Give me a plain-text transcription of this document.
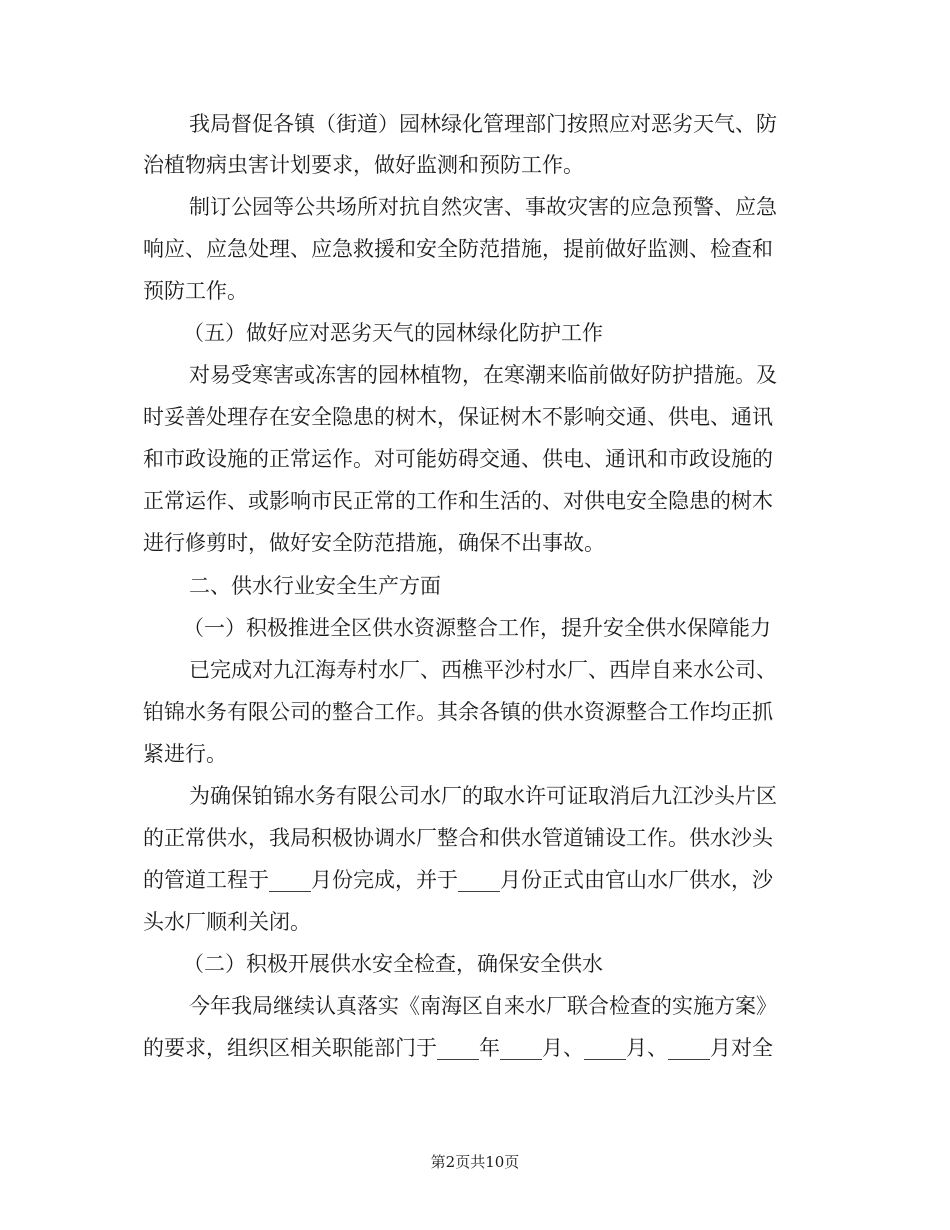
我局督促各镇（街道）园林绿化管理部门按照应对恶劣天气、防
治植物病虫害计划要求，做好监测和预防工作。
制订公园等公共场所对抗自然灾害、事故灾害的应急预警、应急
响应、应急处理、应急救援和安全防范措施，提前做好监测、检查和
预防工作。
（五）做好应对恶劣天气的园林绿化防护工作
对易受寒害或冻害的园林植物，在寒潮来临前做好防护措施。及
时妥善处理存在安全隐患的树木，保证树木不影响交通、供电、通讯
和市政设施的正常运作。对可能妨碍交通、供电、通讯和市政设施的
正常运作、或影响市民正常的工作和生活的、对供电安全隐患的树木
进行修剪时，做好安全防范措施，确保不出事故。
二、供水行业安全生产方面
（一）积极推进全区供水资源整合工作，提升安全供水保障能力
已完成对九江海寿村水厂、西樵平沙村水厂、西岸自来水公司、
铂锦水务有限公司的整合工作。其余各镇的供水资源整合工作均正抓
紧进行。
为确保铂锦水务有限公司水厂的取水许可证取消后九江沙头片区
的正常供水，我局积极协调水厂整合和供水管道铺设工作。供水沙头
的管道工程于____月份完成，并于____月份正式由官山水厂供水，沙
头水厂顺利关闭。
（二）积极开展供水安全检查，确保安全供水
今年我局继续认真落实《南海区自来水厂联合检查的实施方案》
的要求，组织区相关职能部门于____年____月、____月、____月对全
第2页共10页
